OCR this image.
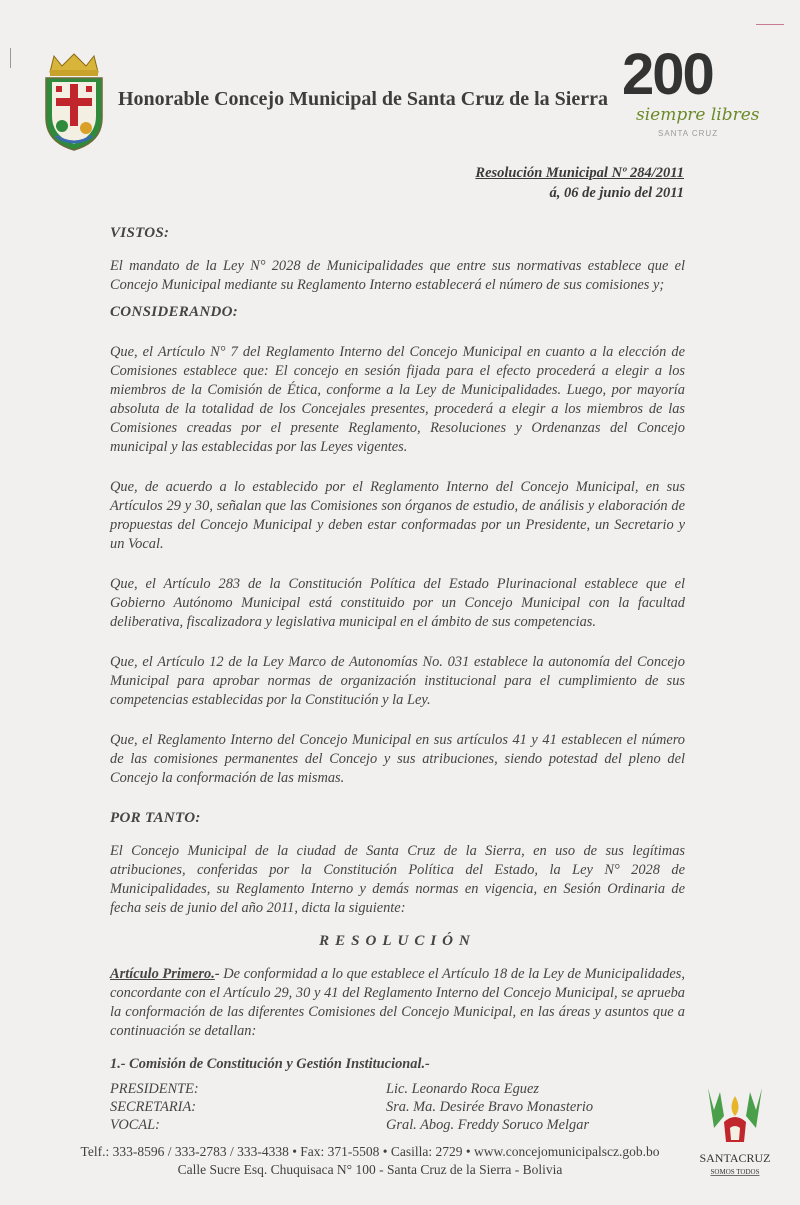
Honorable Concejo Municipal de Santa Cruz de la Sierra 200
siempre libres
SANTA CRUZ
Resolución Municipal Nº 284/2011
á, 06 de junio del 2011

VISTOS:

El mandato de la Ley N° 2028 de Municipalidades que entre sus normativas establece que el Concejo Municipal mediante su Reglamento Interno establecerá el número de sus comisiones y;

CONSIDERANDO:

Que, el Artículo N° 7 del Reglamento Interno del Concejo Municipal en cuanto a la elección de Comisiones establece que: El concejo en sesión fijada para el efecto procederá a elegir a los miembros de la Comisión de Ética, conforme a la Ley de Municipalidades. Luego, por mayoría absoluta de la totalidad de los Concejales presentes, procederá a elegir a los miembros de las Comisiones creadas por el presente Reglamento, Resoluciones y Ordenanzas del Concejo municipal y las establecidas por las Leyes vigentes.

Que, de acuerdo a lo establecido por el Reglamento Interno del Concejo Municipal, en sus Artículos 29 y 30, señalan que las Comisiones son órganos de estudio, de análisis y elaboración de propuestas del Concejo Municipal y deben estar conformadas por un Presidente, un Secretario y un Vocal.

Que, el Artículo 283 de la Constitución Política del Estado Plurinacional establece que el Gobierno Autónomo Municipal está constituido por un Concejo Municipal con la facultad deliberativa, fiscalizadora y legislativa municipal en el ámbito de sus competencias.

Que, el Artículo 12 de la Ley Marco de Autonomías No. 031 establece la autonomía del Concejo Municipal para aprobar normas de organización institucional para el cumplimiento de sus competencias establecidas por la Constitución y la Ley.

Que, el Reglamento Interno del Concejo Municipal en sus artículos 41 y 41 establecen el número de las comisiones permanentes del Concejo y sus atribuciones, siendo potestad del pleno del Concejo la conformación de las mismas.

POR TANTO:

El Concejo Municipal de la ciudad de Santa Cruz de la Sierra, en uso de sus legítimas atribuciones, conferidas por la Constitución Política del Estado, la Ley N° 2028 de Municipalidades, su Reglamento Interno y demás normas en vigencia, en Sesión Ordinaria de fecha seis de junio del año 2011, dicta la siguiente:

RESOLUCIÓN

Artículo Primero.- De conformidad a lo que establece el Artículo 18 de la Ley de Municipalidades, concordante con el Artículo 29, 30 y 41 del Reglamento Interno del Concejo Municipal, se aprueba la conformación de las diferentes Comisiones del Concejo Municipal, en las áreas y asuntos que a continuación se detallan:

1.- Comisión de Constitución y Gestión Institucional.-

PRESIDENTE:	Lic. Leonardo Roca Eguez
SECRETARIA:	Sra. Ma. Desirée Bravo Monasterio
VOCAL:	Gral. Abog. Freddy Soruco Melgar
Telf.: 333-8596 / 333-2783 / 333-4338 • Fax: 371-5508 • Casilla: 2729 • www.concejomunicipalscz.gob.bo
Calle Sucre Esq. Chuquisaca N° 100 - Santa Cruz de la Sierra - Bolivia
SANTACRUZ
SOMOS TODOS
